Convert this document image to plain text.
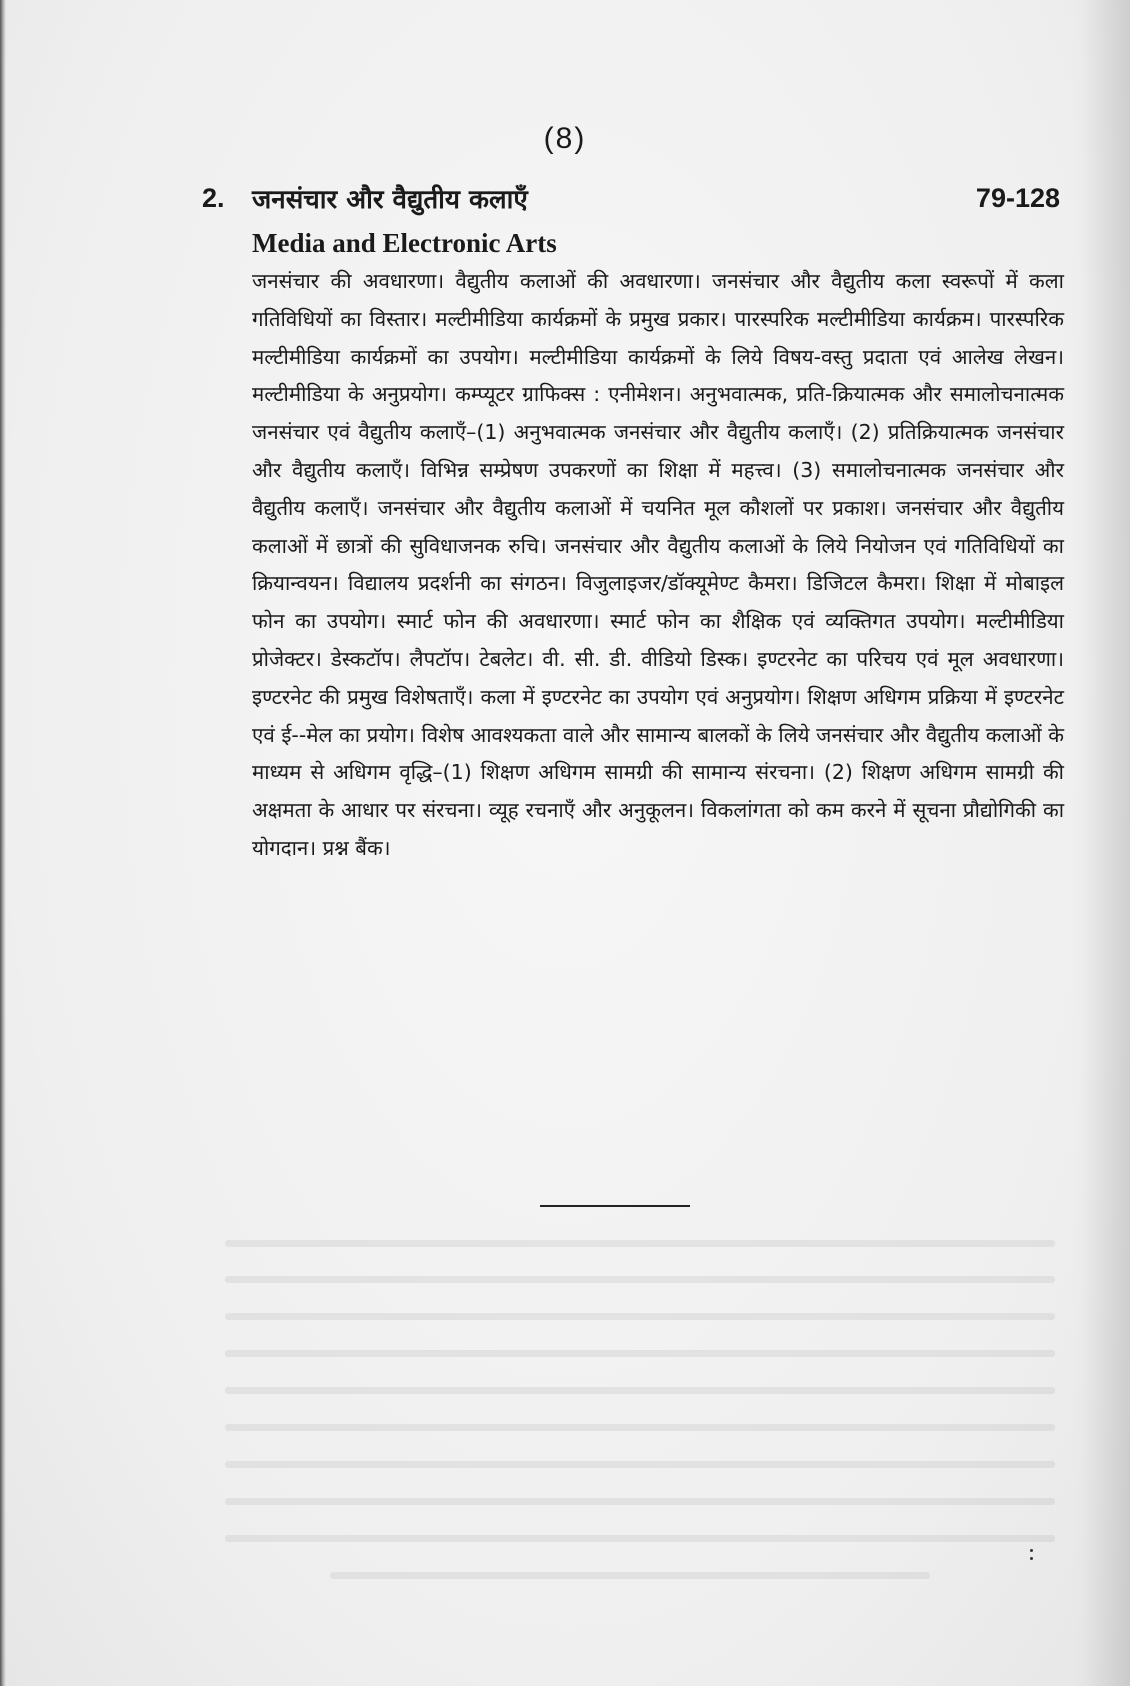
(8)
2. जनसंचार और वैद्युतीय कलाएँ	79-128
Media and Electronic Arts
जनसंचार की अवधारणा। वैद्युतीय कलाओं की अवधारणा। जनसंचार और वैद्युतीय कला स्वरूपों में कला गतिविधियों का विस्तार। मल्टीमीडिया कार्यक्रमों के प्रमुख प्रकार। पारस्परिक मल्टीमीडिया कार्यक्रम। पारस्परिक मल्टीमीडिया कार्यक्रमों का उपयोग। मल्टीमीडिया कार्यक्रमों के लिये विषय-वस्तु प्रदाता एवं आलेख लेखन। मल्टीमीडिया के अनुप्रयोग। कम्प्यूटर ग्राफिक्स : एनीमेशन। अनुभवात्मक, प्रति-क्रियात्मक और समालोचनात्मक जनसंचार एवं वैद्युतीय कलाएँ–(1) अनुभवात्मक जनसंचार और वैद्युतीय कलाएँ। (2) प्रतिक्रियात्मक जनसंचार और वैद्युतीय कलाएँ। विभिन्न सम्प्रेषण उपकरणों का शिक्षा में महत्त्व। (3) समालोचनात्मक जनसंचार और वैद्युतीय कलाएँ। जनसंचार और वैद्युतीय कलाओं में चयनित मूल कौशलों पर प्रकाश। जनसंचार और वैद्युतीय कलाओं में छात्रों की सुविधाजनक रुचि। जनसंचार और वैद्युतीय कलाओं के लिये नियोजन एवं गतिविधियों का क्रियान्वयन। विद्यालय प्रदर्शनी का संगठन। विजुलाइजर/डॉक्यूमेण्ट कैमरा। डिजिटल कैमरा। शिक्षा में मोबाइल फोन का उपयोग। स्मार्ट फोन की अवधारणा। स्मार्ट फोन का शैक्षिक एवं व्यक्तिगत उपयोग। मल्टीमीडिया प्रोजेक्टर। डेस्कटॉप। लैपटॉप। टेबलेट। वी. सी. डी. वीडियो डिस्क। इण्टरनेट का परिचय एवं मूल अवधारणा। इण्टरनेट की प्रमुख विशेषताएँ। कला में इण्टरनेट का उपयोग एवं अनुप्रयोग। शिक्षण अधिगम प्रक्रिया में इण्टरनेट एवं ई--मेल का प्रयोग। विशेष आवश्यकता वाले और सामान्य बालकों के लिये जनसंचार और वैद्युतीय कलाओं के माध्यम से अधिगम वृद्धि–(1) शिक्षण अधिगम सामग्री की सामान्य संरचना। (2) शिक्षण अधिगम सामग्री की अक्षमता के आधार पर संरचना। व्यूह रचनाएँ और अनुकूलन। विकलांगता को कम करने में सूचना प्रौद्योगिकी का योगदान। प्रश्न बैंक।
